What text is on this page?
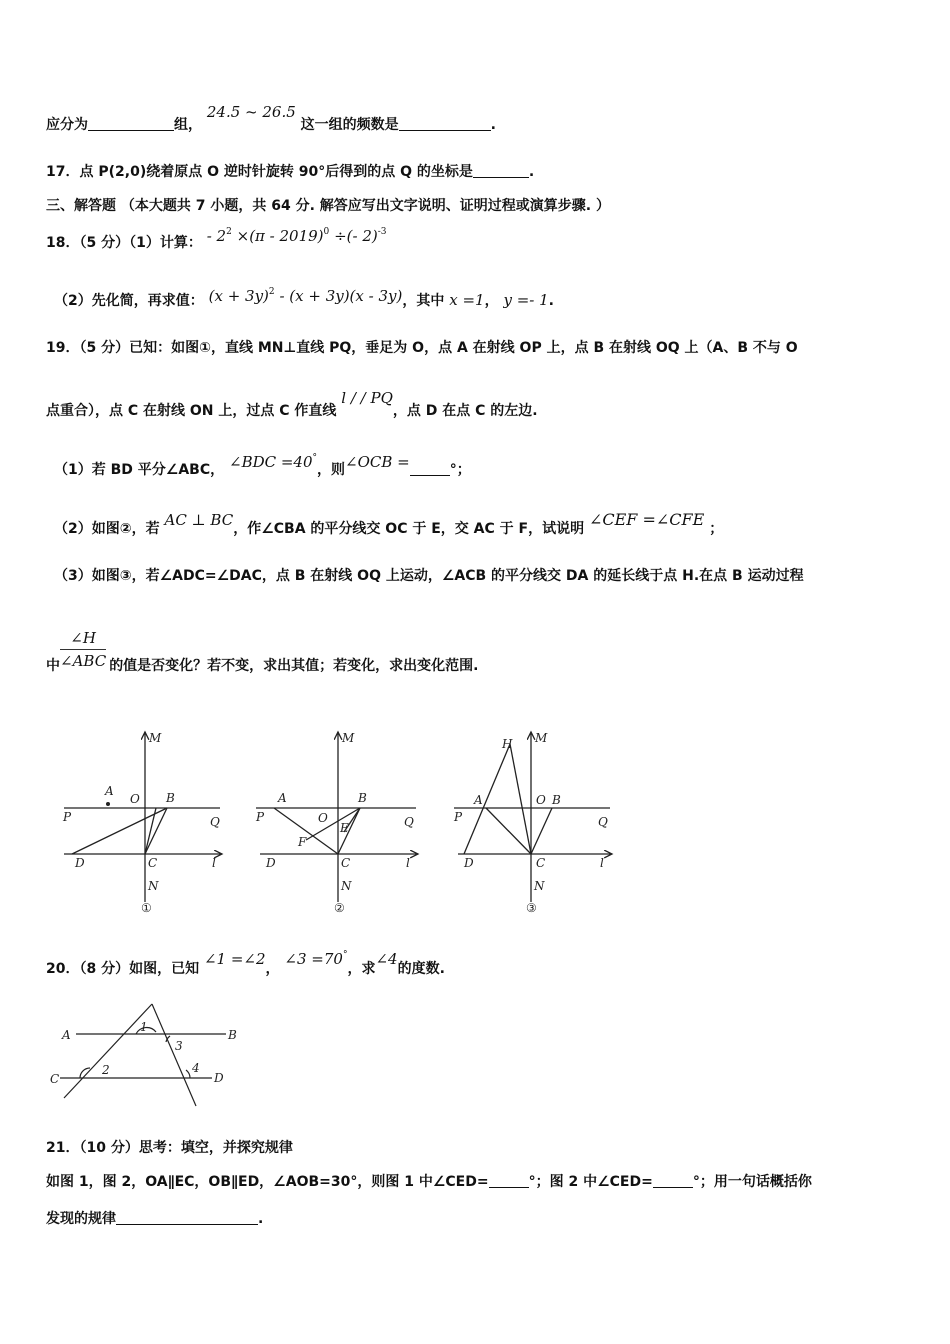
应分为	组， 24.5 ~ 26.5 这一组的频数是	.
17．点 P(2,0)绕着原点 O 逆时针旋转 90°后得到的点 Q 的坐标是	.
三、解答题 （本大题共 7 小题，共 64 分. 解答应写出文字说明、证明过程或演算步骤. ）
18．（5 分）（1）计算： - $2^2 \times(\pi - 2019)^0$ ÷(- 2)$^{-3}$
（2）先化简，再求值： $(x + 3y)^2 - (x + 3y)(x - 3y)$，其中 x =1， y =- 1.
19．（5 分）已知：如图①，直线 MN⊥直线 PQ，垂足为 O，点 A 在射线 OP 上，点 B 在射线 OQ 上（A、B 不与 O
点重合），点 C 在射线 ON 上，过点 C 作直线 l / / PQ，点 D 在点 C 的左边.
（1）若 BD 平分∠ABC， ∠BDC =40°，则∠OCB =	°；
（2）如图②，若 AC ⊥ BC，作∠CBA 的平分线交 OC 于 E，交 AC 于 F，试说明 ∠CEF =∠CFE ；
（3）如图③，若∠ADC=∠DAC，点 B 在射线 OQ 上运动，∠ACB 的平分线交 DA 的延长线于点 H.在点 B 运动过程
中 $\frac{\angle H}{\text{∠ABC}}$ 的值是否变化？若不变，求出其值；若变化，求出变化范围.
M
N
P	Q
O
A	B
C
D	l
①
M
N
P	Q
O
A	B
C
D	l
E
F
②
M
N
P	Q
O
A	B
C
D	l
H
③
20．（8 分）如图，已知 ∠1 =∠2， ∠3 =70°，求∠4的度数.
A	B
C	D
1
2
3
4
21．（10 分）思考：填空，并探究规律
如图 1，图 2，OA∥EC，OB∥ED，∠AOB=30°，则图 1 中∠CED=	°；图 2 中∠CED=	°；用一句话概括你
发现的规律	.
